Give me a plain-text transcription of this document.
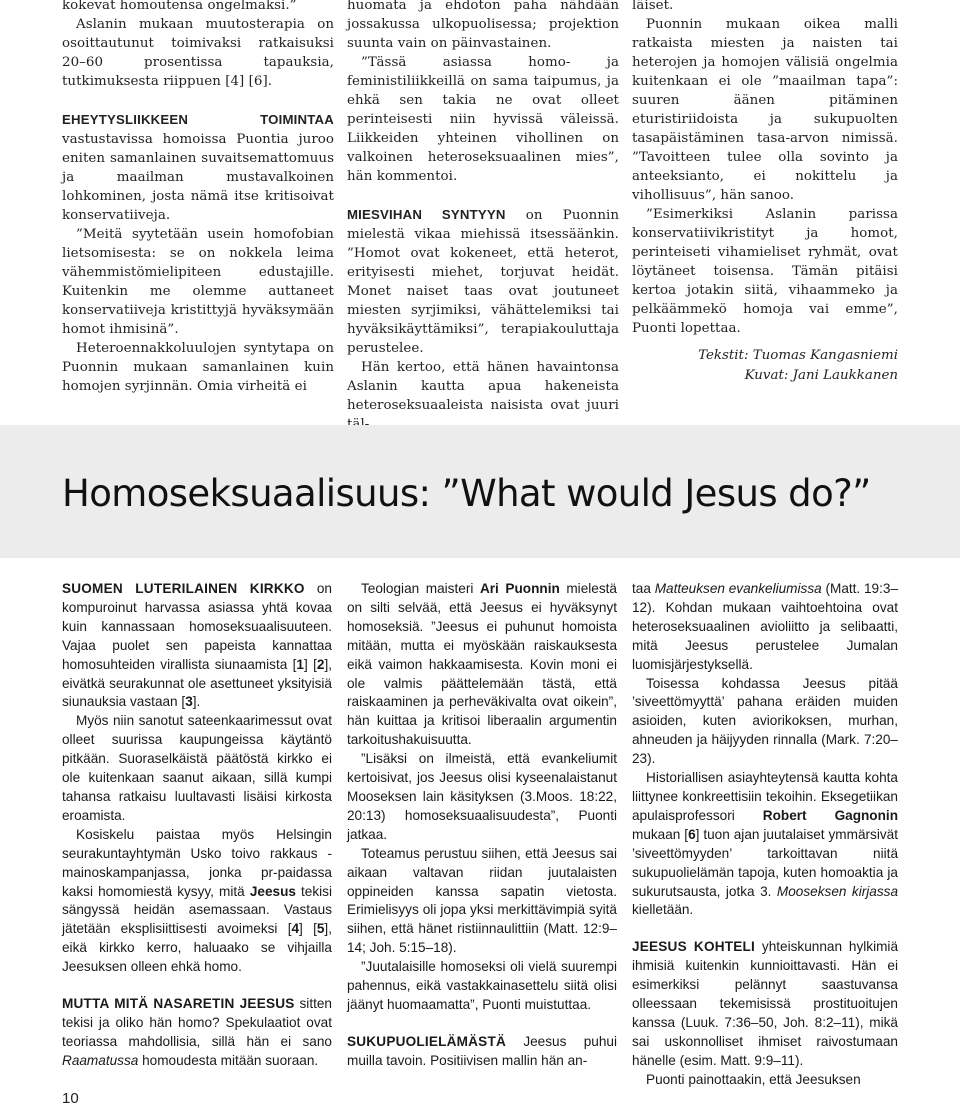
kokevat homoutensa ongelmaksi.”

Aslanin mukaan muutosterapia on osoittautunut toimivaksi ratkaisuksi 20–60 prosentissa tapauksia, tutkimuksesta riippuen [4] [6].

EHEYTYSLIIKKEEN TOIMINTAA vastustavissa homoissa Puontia juroo eniten samanlainen suvaitsemattomuus ja maailman mustavalkoinen lohkominen, josta nämä itse kritisoivat konservatiiveja.

”Meitä syytetään usein homofobian lietsomisesta: se on nokkela leima vähemmistömielipiteen edustajille. Kuitenkin me olemme auttaneet konservatiiveja kristittyjä hyväksymään homot ihmisinä”.

Heteroennakkoluulojen syntytapa on Puonnin mukaan samanlainen kuin homojen syrjinnän. Omia virheitä ei

huomata ja ehdoton paha nähdään jossakussa ulkopuolisessa; projektion suunta vain on päinvastainen.

”Tässä asiassa homo- ja feministiliikkeillä on sama taipumus, ja ehkä sen takia ne ovat olleet perinteisesti niin hyvissä väleissä. Liikkeiden yhteinen vihollinen on valkoinen heteroseksuaalinen mies”, hän kommentoi.

MIESVIHAN SYNTYYN on Puonnin mielestä vikaa miehissä itsessäänkin. ”Homot ovat kokeneet, että heterot, erityisesti miehet, torjuvat heidät. Monet naiset taas ovat joutuneet miesten syrjimiksi, vähättelemiksi tai hyväksikäyttämiksi”, terapiakouluttaja perustelee.

Hän kertoo, että hänen havaintonsa Aslanin kautta apua hakeneista heteroseksuaaleista naisista ovat juuri

läiset.

Puonnin mukaan oikea malli ratkaista miesten ja naisten tai heterojen ja homojen välisiä ongelmia kuitenkaan ei ole ”maailman tapa”: suuren äänen pitäminen eturistiriidoista ja sukupuolten tasapäistäminen tasa-arvon nimissä. ”Tavoitteen tulee olla sovinto ja anteeksianto, ei nokittelu ja vihollisuus”, hän sanoo.

”Esimerkiksi Aslanin parissa konservatiivikristityt ja homot, perinteiseti vihamieliset ryhmät, ovat löytäneet toisensa. Tämän pitäisi kertoa jotakin siitä, vihaammeko ja pelkäämmekö homoja vai emme”, Puonti lopettaa.

Tekstit: Tuomas Kangasniemi
Kuvat: Jani Laukkanen
Homoseksuaalisuus: ”What would Jesus do?”

SUOMEN LUTERILAINEN KIRKKO on kompuroinut harvassa asiassa yhtä kovaa kuin kannassaan homoseksuaalisuuteen. Vajaa puolet sen papeista kannattaa homosuhteiden virallista siunaamista [1] [2], eivätkä seurakunnat ole asettuneet yksityisiä siunauksia vastaan [3].

Myös niin sanotut sateenkaarimessut ovat olleet suurissa kaupungeissa käytäntö pitkään. Suoraselkäistä päätöstä kirkko ei ole kuitenkaan saanut aikaan, sillä kumpi tahansa ratkaisu luultavasti lisäisi kirkosta eroamista.

Kosiskelu paistaa myös Helsingin seurakuntayhtymän Usko toivo rakkaus -mainoskampanjassa, jonka pr-paidassa kaksi homomiestä kysyy, mitä Jeesus tekisi sängyssä heidän asemassaan. Vastaus jätetään eksplisiittisesti avoimeksi [4] [5], eikä kirkko kerro, haluaako se vihjailla Jeesuksen olleen ehkä homo.

MUTTA MITÄ NASARETIN JEESUS sitten tekisi ja oliko hän homo? Spekulaatiot ovat teoriassa mahdollisia, sillä hän ei sano Raamatussa homoudesta mitään suoraan.

Teologian maisteri Ari Puonnin mielestä on silti selvää, että Jeesus ei hyväksynyt homoseksiä. ”Jeesus ei puhunut homoista mitään, mutta ei myöskään raiskauksesta eikä vaimon hakkaamisesta. Kovin moni ei ole valmis päättelemään tästä, että raiskaaminen ja perheväkivalta ovat oikein”, hän kuittaa ja kritisoi liberaalin argumentin tarkoitushakuisuutta.

”Lisäksi on ilmeistä, että evankeliumit kertoisivat, jos Jeesus olisi kyseenalaistanut Mooseksen lain käsityksen (3.Moos. 18:22, 20:13) homoseksuaalisuudesta”, Puonti jatkaa.

Toteamus perustuu siihen, että Jeesus sai aikaan valtavan riidan juutalaisten oppineiden kanssa sapatin vietosta. Erimielisyys oli jopa yksi merkittävimpiä syitä siihen, että hänet ristiinnaulittiin (Matt. 12:9–14; Joh. 5:15–18).

”Juutalaisille homoseksi oli vielä suurempi pahennus, eikä vastakkainasettelu siitä olisi jäänyt huomaamatta”, Puonti muistuttaa.

SUKUPUOLIELÄMÄSTÄ Jeesus puhui muilla tavoin. Positiivisen mallin hän an-

taa Matteuksen evankeliumissa (Matt. 19:3–12). Kohdan mukaan vaihtoehtoina ovat heteroseksuaalinen avioliitto ja selibaatti, mitä Jeesus perustelee Jumalan luomisjärjestyksellä.

Toisessa kohdassa Jeesus pitää ’siveettömyyttä’ pahana eräiden muiden asioiden, kuten aviorikoksen, murhan, ahneuden ja häijyyden rinnalla (Mark. 7:20–23).

Historiallisen asiayhteytensä kautta kohta liittynee konkreettisiin tekoihin. Eksegetiikan apulaisprofessori Robert Gagnonin mukaan [6] tuon ajan juutalaiset ymmärsivät ’siveettömyyden’ tarkoittavan niitä sukupuolielämän tapoja, kuten homoaktia ja sukurutsausta, jotka 3. Mooseksen kirjassa kielletään.

JEESUS KOHTELI yhteiskunnan hylkimiä ihmisiä kuitenkin kunnioittavasti. Hän ei esimerkiksi pelännyt saastuvansa olleessaan tekemisissä prostituoitujen kanssa (Luuk. 7:36–50, Joh. 8:2–11), mikä sai uskonnolliset ihmiset raivostumaan hänelle (esim. Matt. 9:9–11).

Puonti painottaakin, että Jeesuksen

10
